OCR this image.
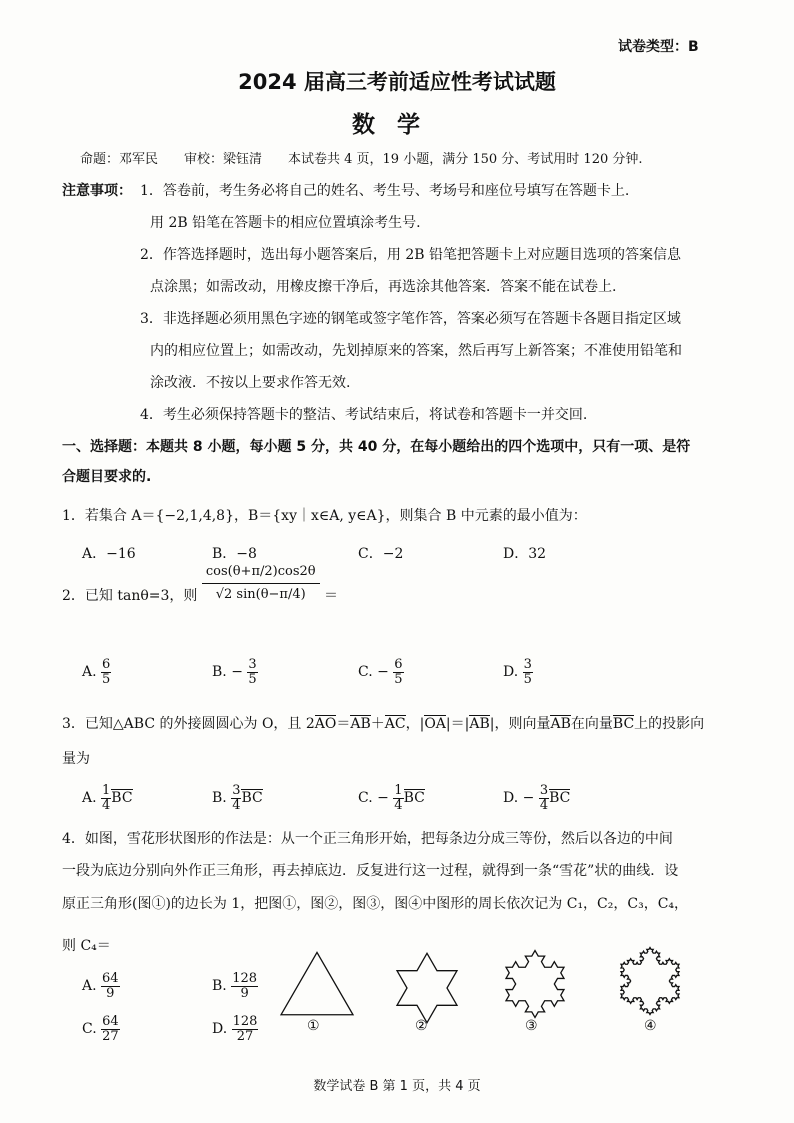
试卷类型：B
2024 届高三考前适应性考试试题
数学
命题：邓军民　　审校：梁钰清　　本试卷共 4 页，19 小题，满分 150 分、考试用时 120 分钟.
注意事项： 1．答卷前，考生务必将自己的姓名、考生号、考场号和座位号填写在答题卡上.
用 2B 铅笔在答题卡的相应位置填涂考生号.
2．作答选择题时，选出每小题答案后，用 2B 铅笔把答题卡上对应题目选项的答案信息
点涂黑；如需改动，用橡皮擦干净后，再选涂其他答案．答案不能在试卷上.
3．非选择题必须用黑色字迹的钢笔或签字笔作答，答案必须写在答题卡各题目指定区域
内的相应位置上；如需改动，先划掉原来的答案，然后再写上新答案；不准使用铅笔和
涂改液．不按以上要求作答无效.
4．考生必须保持答题卡的整洁、考试结束后，将试卷和答题卡一并交回.
一、选择题：本题共 8 小题，每小题 5 分，共 40 分，在每小题给出的四个选项中，只有一项、是符
合题目要求的.
1．若集合 A＝{−2,1,4,8}，B＝{xy｜x∈A, y∈A}，则集合 B 中元素的最小值为：
A．−16	B．−8	C．−2	D．32
2．已知 tanθ=3，则 $\frac{\cos(\theta+\pi/2)\cos 2\theta}{√2 \sin(\theta-\pi/4)}$ ＝
A. $\frac{6}{5}$	B. − $\frac{3}{5}$	C. − $\frac{6}{5}$	D. $\frac{3}{5}$
3．已知△ABC 的外接圆圆心为 O，且 2AO＝AB＋AC，|OA|＝|AB|，则向量AB在向量BC上的投影向
量为
A. $\frac{1}{4}$ BC	B. $\frac{3}{4}$ BC	C. − $\frac{1}{4}$ BC	D. − $\frac{3}{4}$ BC
4．如图，雪花形状图形的作法是：从一个正三角形开始，把每条边分成三等份，然后以各边的中间
一段为底边分别向外作正三角形，再去掉底边．反复进行这一过程，就得到一条“雪花”状的曲线．设
原正三角形(图①)的边长为 1，把图①，图②，图③，图④中图形的周长依次记为 C₁，C₂，C₃，C₄，
则 C₄＝
A. $\frac{64}{9}$	B. $\frac{128}{9}$
C. $\frac{64}{27}$	D. $\frac{128}{27}$	①	②	③	④
数学试卷 B 第 1 页，共 4 页
